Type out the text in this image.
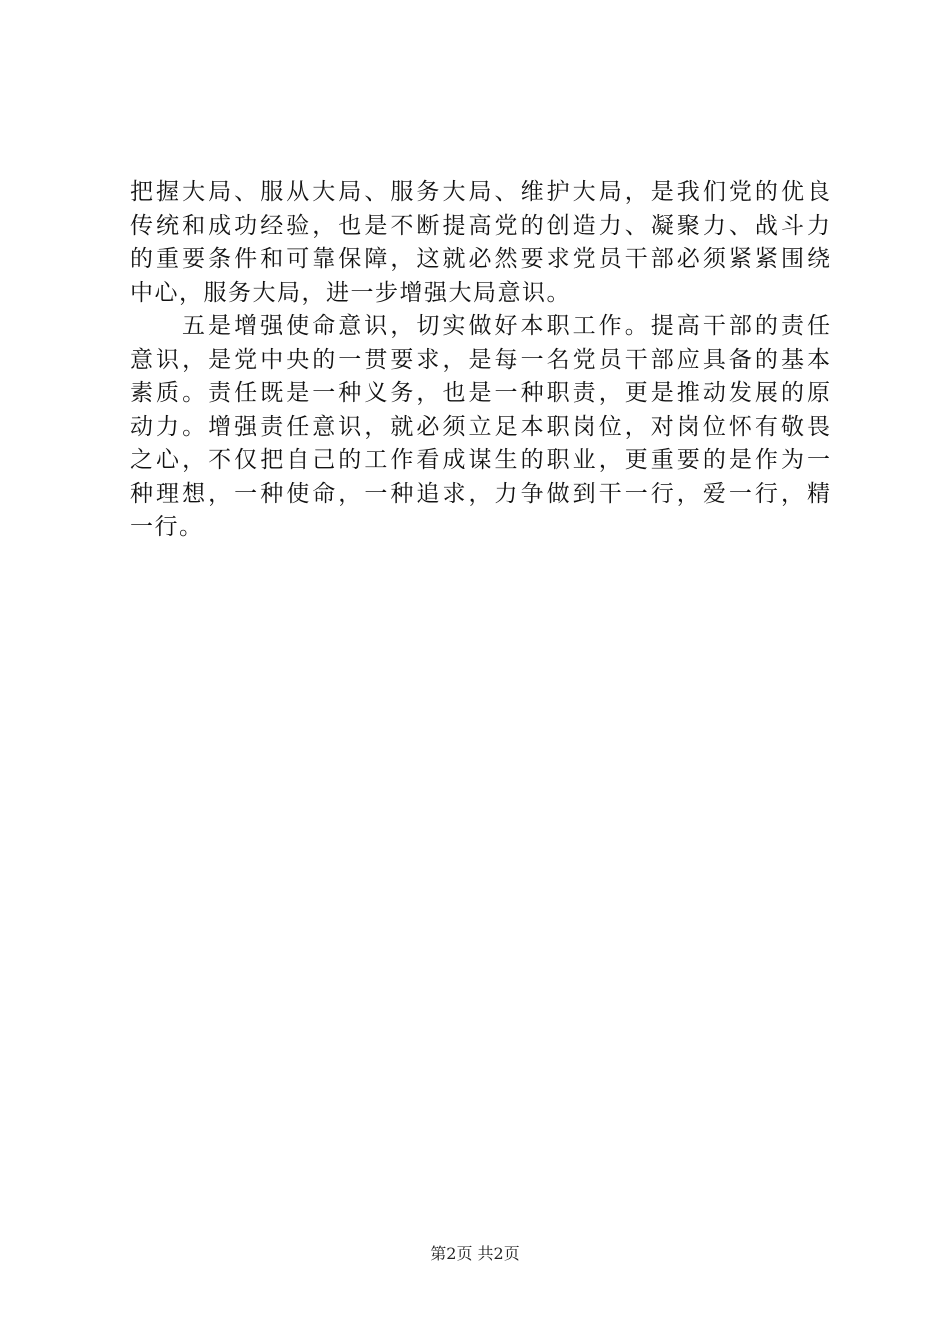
把握大局、服从大局、服务大局、维护大局，是我们党的优良
传统和成功经验，也是不断提高党的创造力、凝聚力、战斗力
的重要条件和可靠保障，这就必然要求党员干部必须紧紧围绕
中心，服务大局，进一步增强大局意识。
五是增强使命意识，切实做好本职工作。提高干部的责任
意识，是党中央的一贯要求，是每一名党员干部应具备的基本
素质。责任既是一种义务，也是一种职责，更是推动发展的原
动力。增强责任意识，就必须立足本职岗位，对岗位怀有敬畏
之心，不仅把自己的工作看成谋生的职业，更重要的是作为一
种理想，一种使命，一种追求，力争做到干一行，爱一行，精
一行。
第2页 共2页
